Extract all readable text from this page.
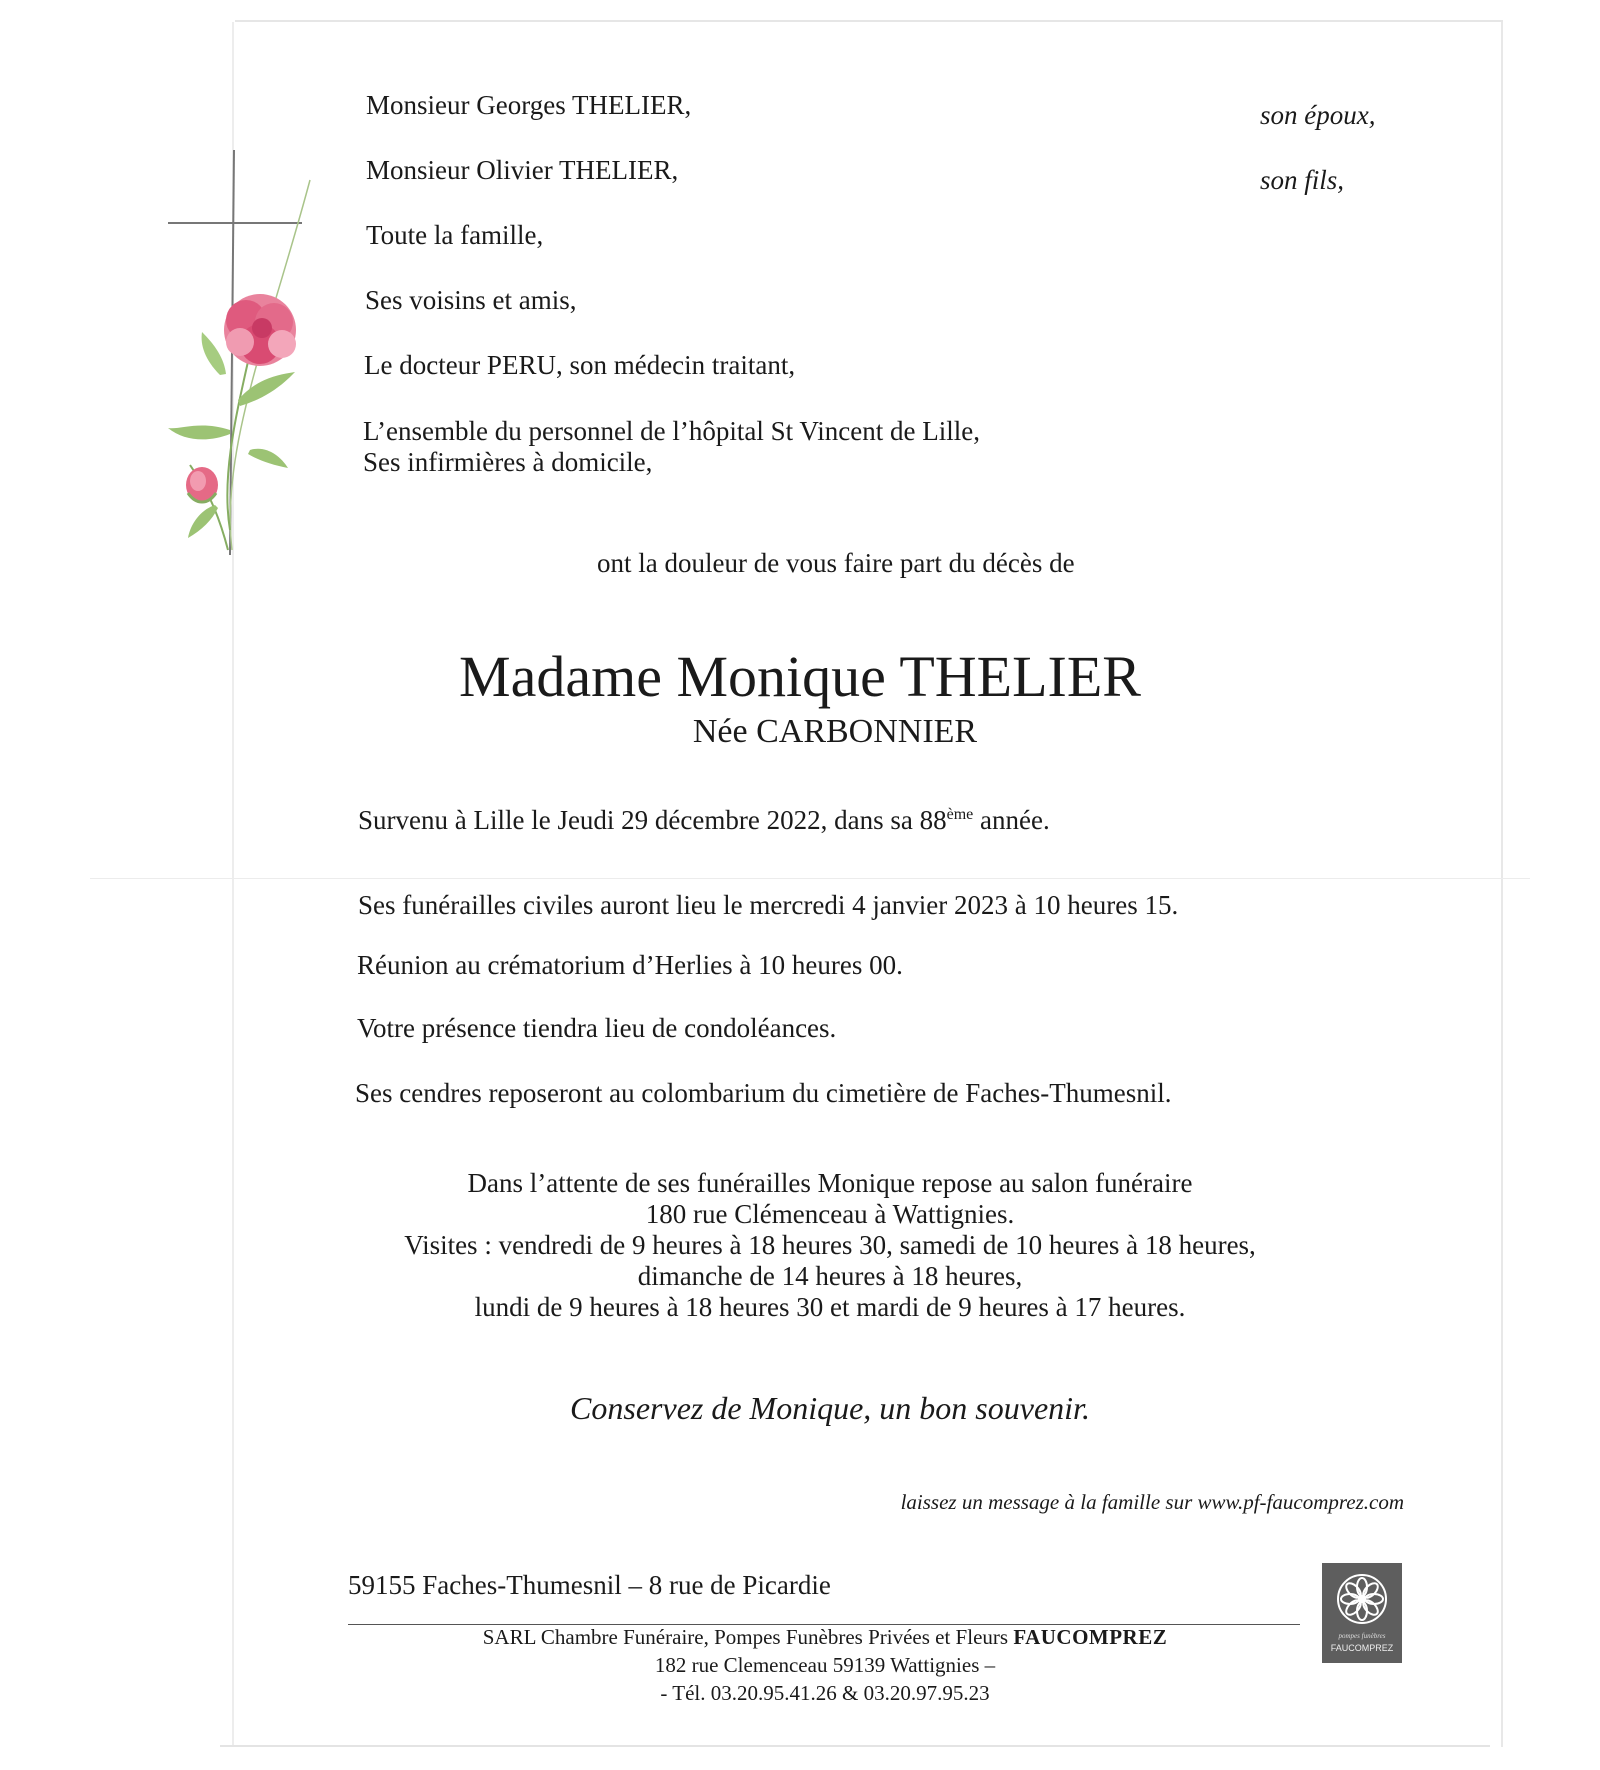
Monsieur Georges THELIER,	son époux,
Monsieur Olivier THELIER,	son fils,
Toute la famille,
Ses voisins et amis,
Le docteur PERU, son médecin traitant,
L’ensemble du personnel de l’hôpital St Vincent de Lille,
Ses infirmières à domicile,
ont la douleur de vous faire part du décès de
Madame Monique THELIER
Née CARBONNIER
Survenu à Lille le Jeudi 29 décembre 2022, dans sa 88ème année.
Ses funérailles civiles auront lieu le mercredi 4 janvier 2023 à 10 heures 15.
Réunion au crématorium d’Herlies à 10 heures 00.
Votre présence tiendra lieu de condoléances.
Ses cendres reposeront au colombarium du cimetière de Faches-Thumesnil.
Dans l’attente de ses funérailles Monique repose au salon funéraire
180 rue Clémenceau à Wattignies.
Visites : vendredi de 9 heures à 18 heures 30, samedi de 10 heures à 18 heures,
dimanche de 14 heures à 18 heures,
lundi de 9 heures à 18 heures 30 et mardi de 9 heures à 17 heures.
Conservez de Monique, un bon souvenir.
laissez un message à la famille sur www.pf-faucomprez.com
59155 Faches-Thumesnil – 8 rue de Picardie
SARL Chambre Funéraire, Pompes Funèbres Privées et Fleurs FAUCOMPREZ
182 rue Clemenceau 59139 Wattignies –
- Tél. 03.20.95.41.26 & 03.20.97.95.23
pompes funèbres
FAUCOMPREZ
